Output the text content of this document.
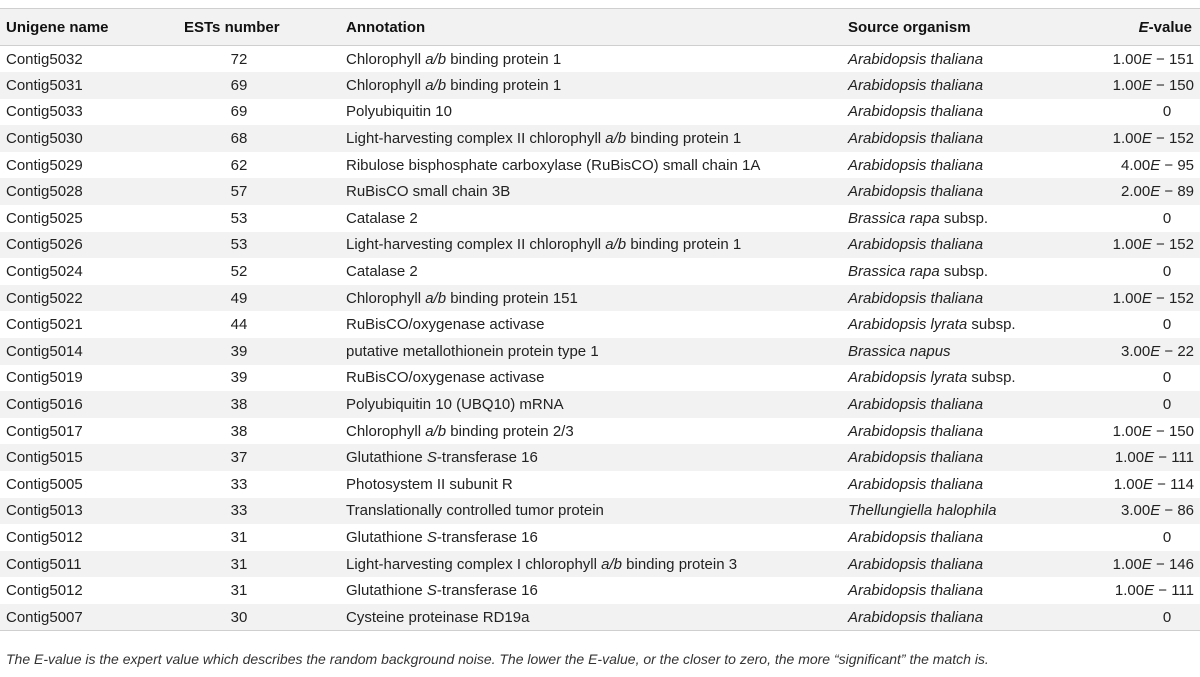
Unigene name	ESTs number	Annotation	Source organism	E-value
Contig5032	72	Chlorophyll a/b binding protein 1	Arabidopsis thaliana	1.00E − 151
Contig5031	69	Chlorophyll a/b binding protein 1	Arabidopsis thaliana	1.00E − 150
Contig5033	69	Polyubiquitin 10	Arabidopsis thaliana	0
Contig5030	68	Light-harvesting complex II chlorophyll a/b binding protein 1	Arabidopsis thaliana	1.00E − 152
Contig5029	62	Ribulose bisphosphate carboxylase (RuBisCO) small chain 1A	Arabidopsis thaliana	4.00E − 95
Contig5028	57	RuBisCO small chain 3B	Arabidopsis thaliana	2.00E − 89
Contig5025	53	Catalase 2	Brassica rapa subsp.	0
Contig5026	53	Light-harvesting complex II chlorophyll a/b binding protein 1	Arabidopsis thaliana	1.00E − 152
Contig5024	52	Catalase 2	Brassica rapa subsp.	0
Contig5022	49	Chlorophyll a/b binding protein 151	Arabidopsis thaliana	1.00E − 152
Contig5021	44	RuBisCO/oxygenase activase	Arabidopsis lyrata subsp.	0
Contig5014	39	putative metallothionein protein type 1	Brassica napus	3.00E − 22
Contig5019	39	RuBisCO/oxygenase activase	Arabidopsis lyrata subsp.	0
Contig5016	38	Polyubiquitin 10 (UBQ10) mRNA	Arabidopsis thaliana	0
Contig5017	38	Chlorophyll a/b binding protein 2/3	Arabidopsis thaliana	1.00E − 150
Contig5015	37	Glutathione S-transferase 16	Arabidopsis thaliana	1.00E − 111
Contig5005	33	Photosystem II subunit R	Arabidopsis thaliana	1.00E − 114
Contig5013	33	Translationally controlled tumor protein	Thellungiella halophila	3.00E − 86
Contig5012	31	Glutathione S-transferase 16	Arabidopsis thaliana	0
Contig5011	31	Light-harvesting complex I chlorophyll a/b binding protein 3	Arabidopsis thaliana	1.00E − 146
Contig5012	31	Glutathione S-transferase 16	Arabidopsis thaliana	1.00E − 111
Contig5007	30	Cysteine proteinase RD19a	Arabidopsis thaliana	0
The E-value is the expert value which describes the random background noise. The lower the E-value, or the closer to zero, the more “significant” the match is.
